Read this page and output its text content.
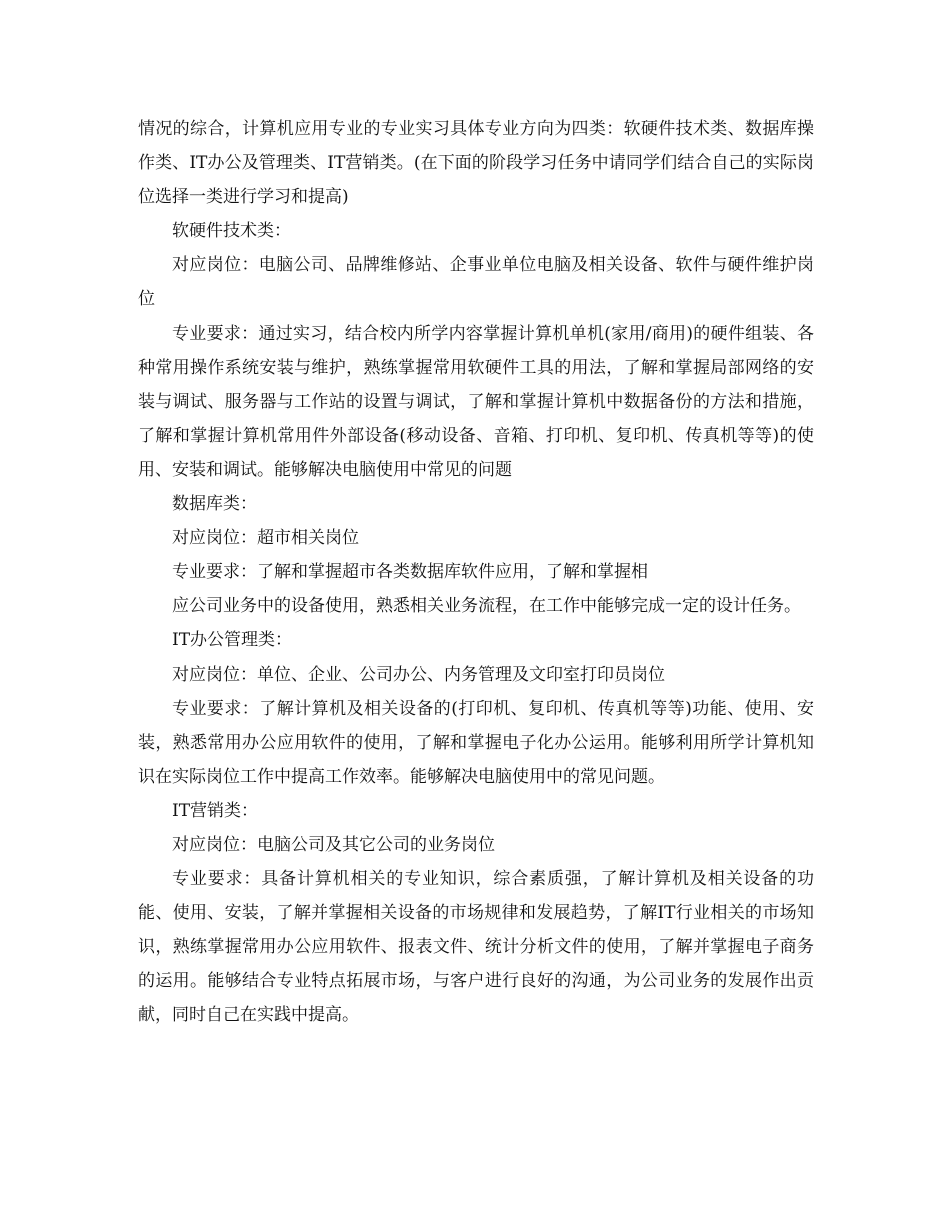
情况的综合，计算机应用专业的专业实习具体专业方向为四类：软硬件技术类、数据库操作类、IT办公及管理类、IT营销类。(在下面的阶段学习任务中请同学们结合自己的实际岗位选择一类进行学习和提高)

软硬件技术类：

对应岗位：电脑公司、品牌维修站、企事业单位电脑及相关设备、软件与硬件维护岗位

专业要求：通过实习，结合校内所学内容掌握计算机单机(家用/商用)的硬件组装、各种常用操作系统安装与维护，熟练掌握常用软硬件工具的用法，了解和掌握局部网络的安装与调试、服务器与工作站的设置与调试，了解和掌握计算机中数据备份的方法和措施，了解和掌握计算机常用件外部设备(移动设备、音箱、打印机、复印机、传真机等等)的使用、安装和调试。能够解决电脑使用中常见的问题

数据库类：

对应岗位：超市相关岗位

专业要求：了解和掌握超市各类数据库软件应用，了解和掌握相

应公司业务中的设备使用，熟悉相关业务流程，在工作中能够完成一定的设计任务。

IT办公管理类：

对应岗位：单位、企业、公司办公、内务管理及文印室打印员岗位

专业要求：了解计算机及相关设备的(打印机、复印机、传真机等等)功能、使用、安装，熟悉常用办公应用软件的使用，了解和掌握电子化办公运用。能够利用所学计算机知识在实际岗位工作中提高工作效率。能够解决电脑使用中的常见问题。

IT营销类：

对应岗位：电脑公司及其它公司的业务岗位

专业要求：具备计算机相关的专业知识，综合素质强，了解计算机及相关设备的功能、使用、安装，了解并掌握相关设备的市场规律和发展趋势，了解IT行业相关的市场知识，熟练掌握常用办公应用软件、报表文件、统计分析文件的使用，了解并掌握电子商务的运用。能够结合专业特点拓展市场，与客户进行良好的沟通，为公司业务的发展作出贡献，同时自己在实践中提高。
